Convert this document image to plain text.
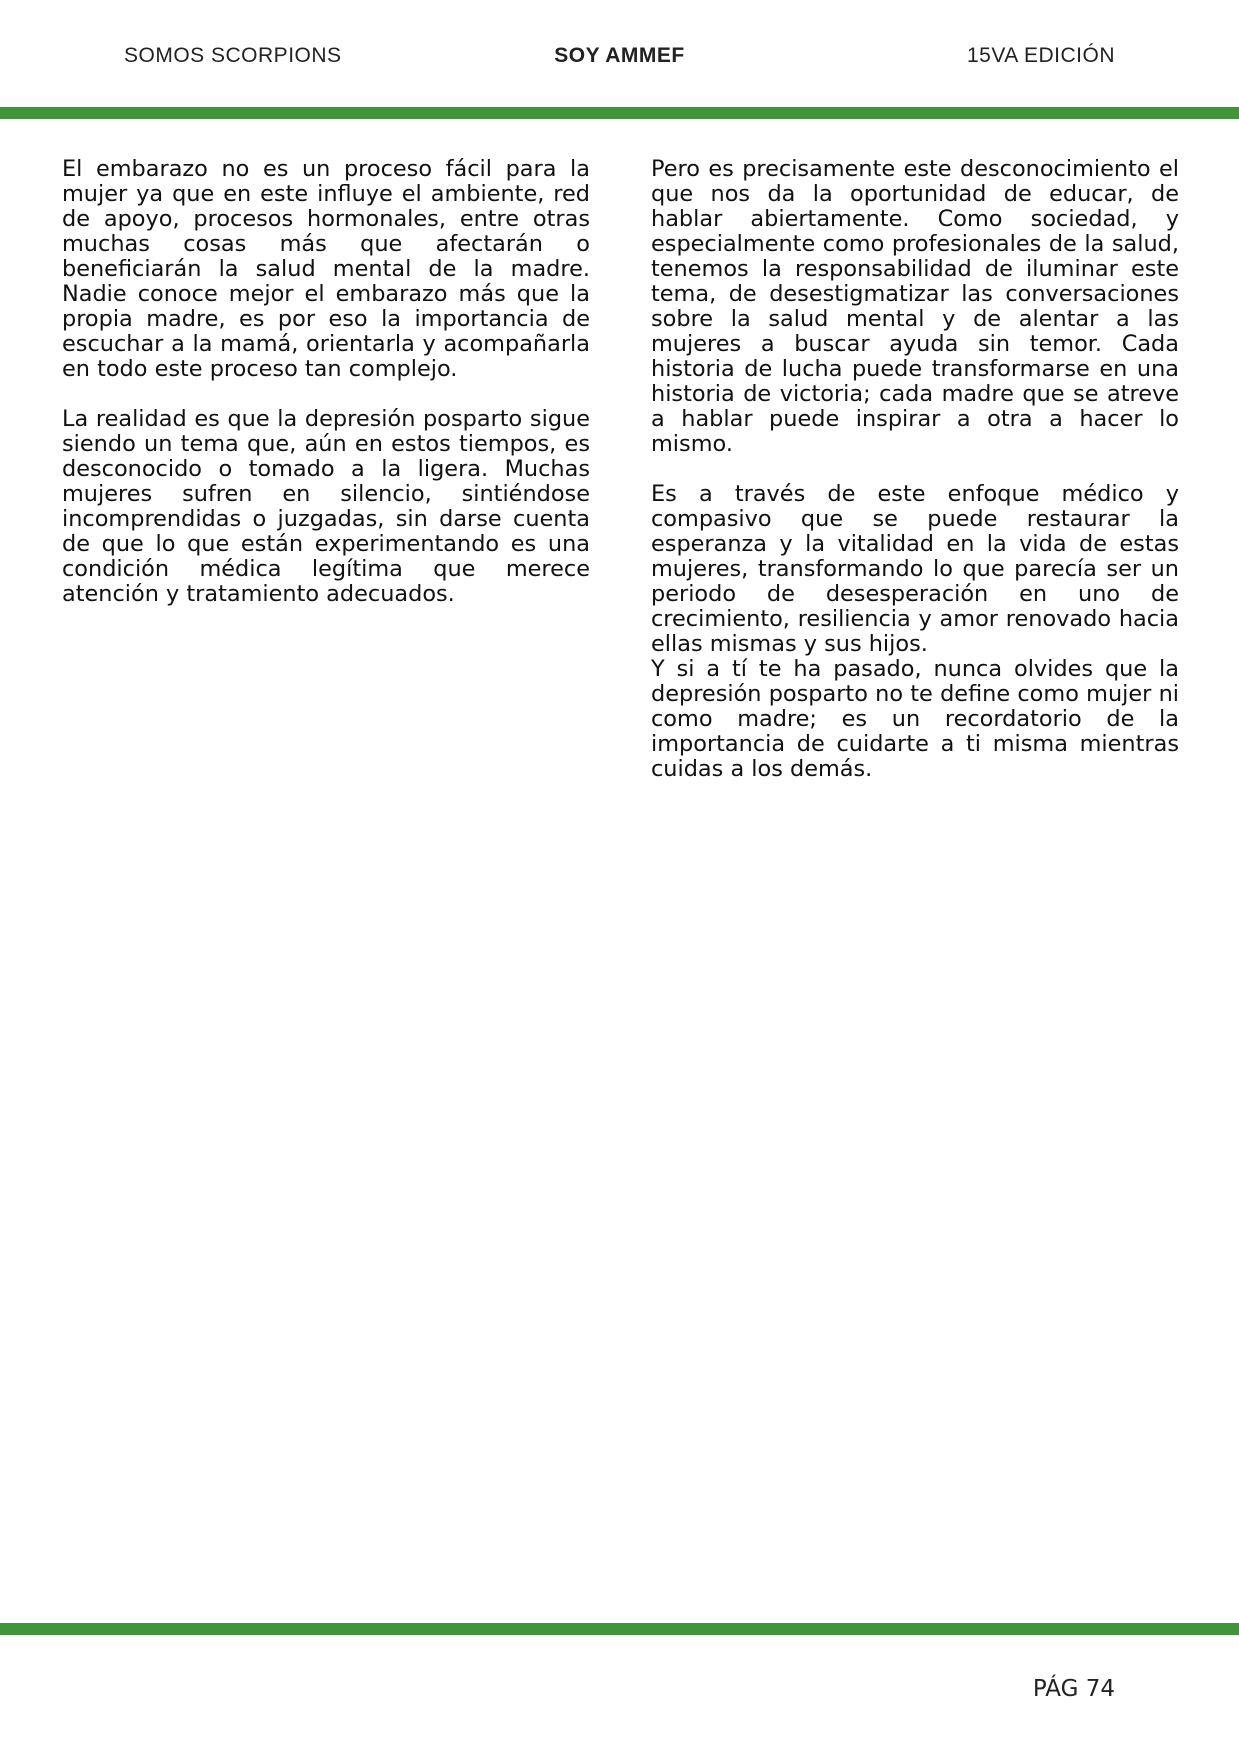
SOMOS SCORPIONS	SOY AMMEF	15VA EDICIÓN

El embarazo no es un proceso fácil para la mujer ya que en este influye el ambiente, red de apoyo, procesos hormonales, entre otras muchas cosas más que afectarán o beneficiarán la salud mental de la madre. Nadie conoce mejor el embarazo más que la propia madre, es por eso la importancia de escuchar a la mamá, orientarla y acompañarla en todo este proceso tan complejo.

La realidad es que la depresión posparto sigue siendo un tema que, aún en estos tiempos, es desconocido o tomado a la ligera. Muchas mujeres sufren en silencio, sintiéndose incomprendidas o juzgadas, sin darse cuenta de que lo que están experimentando es una condición médica legítima que merece atención y tratamiento adecuados.

Pero es precisamente este desconocimiento el que nos da la oportunidad de educar, de hablar abiertamente. Como sociedad, y especialmente como profesionales de la salud, tenemos la responsabilidad de iluminar este tema, de desestigmatizar las conversaciones sobre la salud mental y de alentar a las mujeres a buscar ayuda sin temor. Cada historia de lucha puede transformarse en una historia de victoria; cada madre que se atreve a hablar puede inspirar a otra a hacer lo mismo.

Es a través de este enfoque médico y compasivo que se puede restaurar la esperanza y la vitalidad en la vida de estas mujeres, transformando lo que parecía ser un periodo de desesperación en uno de crecimiento, resiliencia y amor renovado hacia ellas mismas y sus hijos.

Y si a tí te ha pasado, nunca olvides que la depresión posparto no te define como mujer ni como madre; es un recordatorio de la importancia de cuidarte a ti misma mientras cuidas a los demás.

PÁG 74
